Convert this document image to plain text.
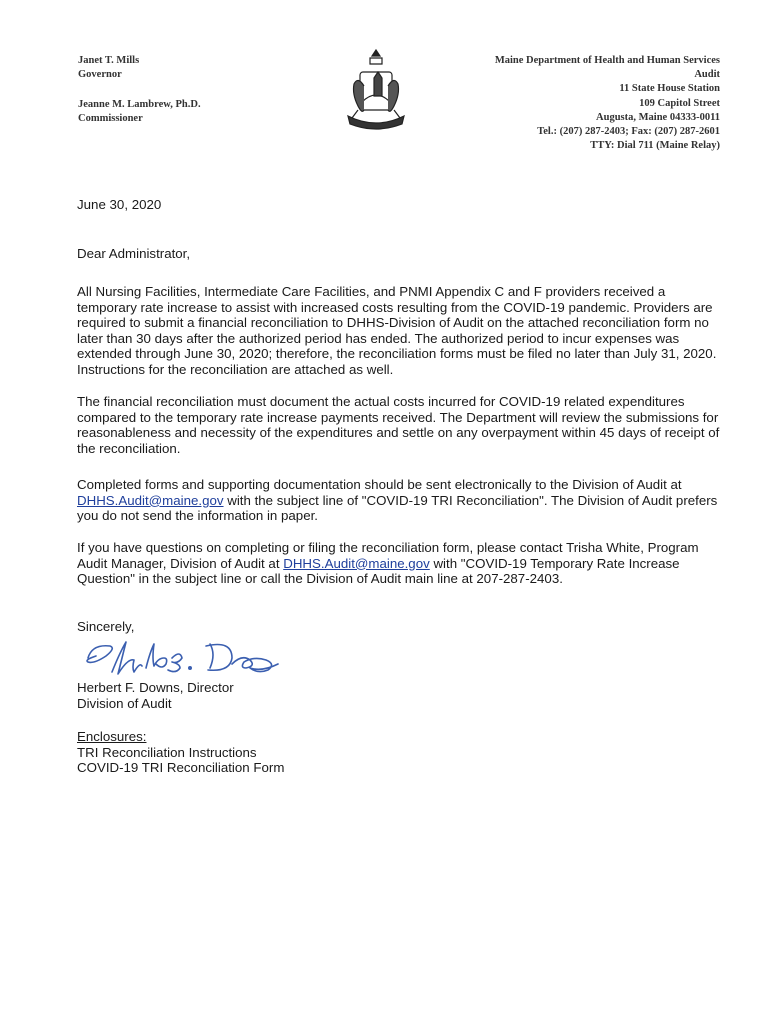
Janet T. Mills
Governor
Jeanne M. Lambrew, Ph.D.
Commissioner
Maine Department of Health and Human Services
Audit
11 State House Station
109 Capitol Street
Augusta, Maine 04333-0011
Tel.: (207) 287-2403; Fax: (207) 287-2601
TTY: Dial 711 (Maine Relay)
June 30, 2020
Dear Administrator,
All Nursing Facilities, Intermediate Care Facilities, and PNMI Appendix C and F providers received a temporary rate increase to assist with increased costs resulting from the COVID-19 pandemic. Providers are required to submit a financial reconciliation to DHHS-Division of Audit on the attached reconciliation form no later than 30 days after the authorized period has ended. The authorized period to incur expenses was extended through June 30, 2020; therefore, the reconciliation forms must be filed no later than July 31, 2020. Instructions for the reconciliation are attached as well.
The financial reconciliation must document the actual costs incurred for COVID-19 related expenditures compared to the temporary rate increase payments received. The Department will review the submissions for reasonableness and necessity of the expenditures and settle on any overpayment within 45 days of receipt of the reconciliation.
Completed forms and supporting documentation should be sent electronically to the Division of Audit at DHHS.Audit@maine.gov with the subject line of "COVID-19 TRI Reconciliation". The Division of Audit prefers you do not send the information in paper.
If you have questions on completing or filing the reconciliation form, please contact Trisha White, Program Audit Manager, Division of Audit at DHHS.Audit@maine.gov with "COVID-19 Temporary Rate Increase Question" in the subject line or call the Division of Audit main line at 207-287-2403.
Sincerely,
Herbert F. Downs, Director
Division of Audit
Enclosures:
TRI Reconciliation Instructions
COVID-19 TRI Reconciliation Form
